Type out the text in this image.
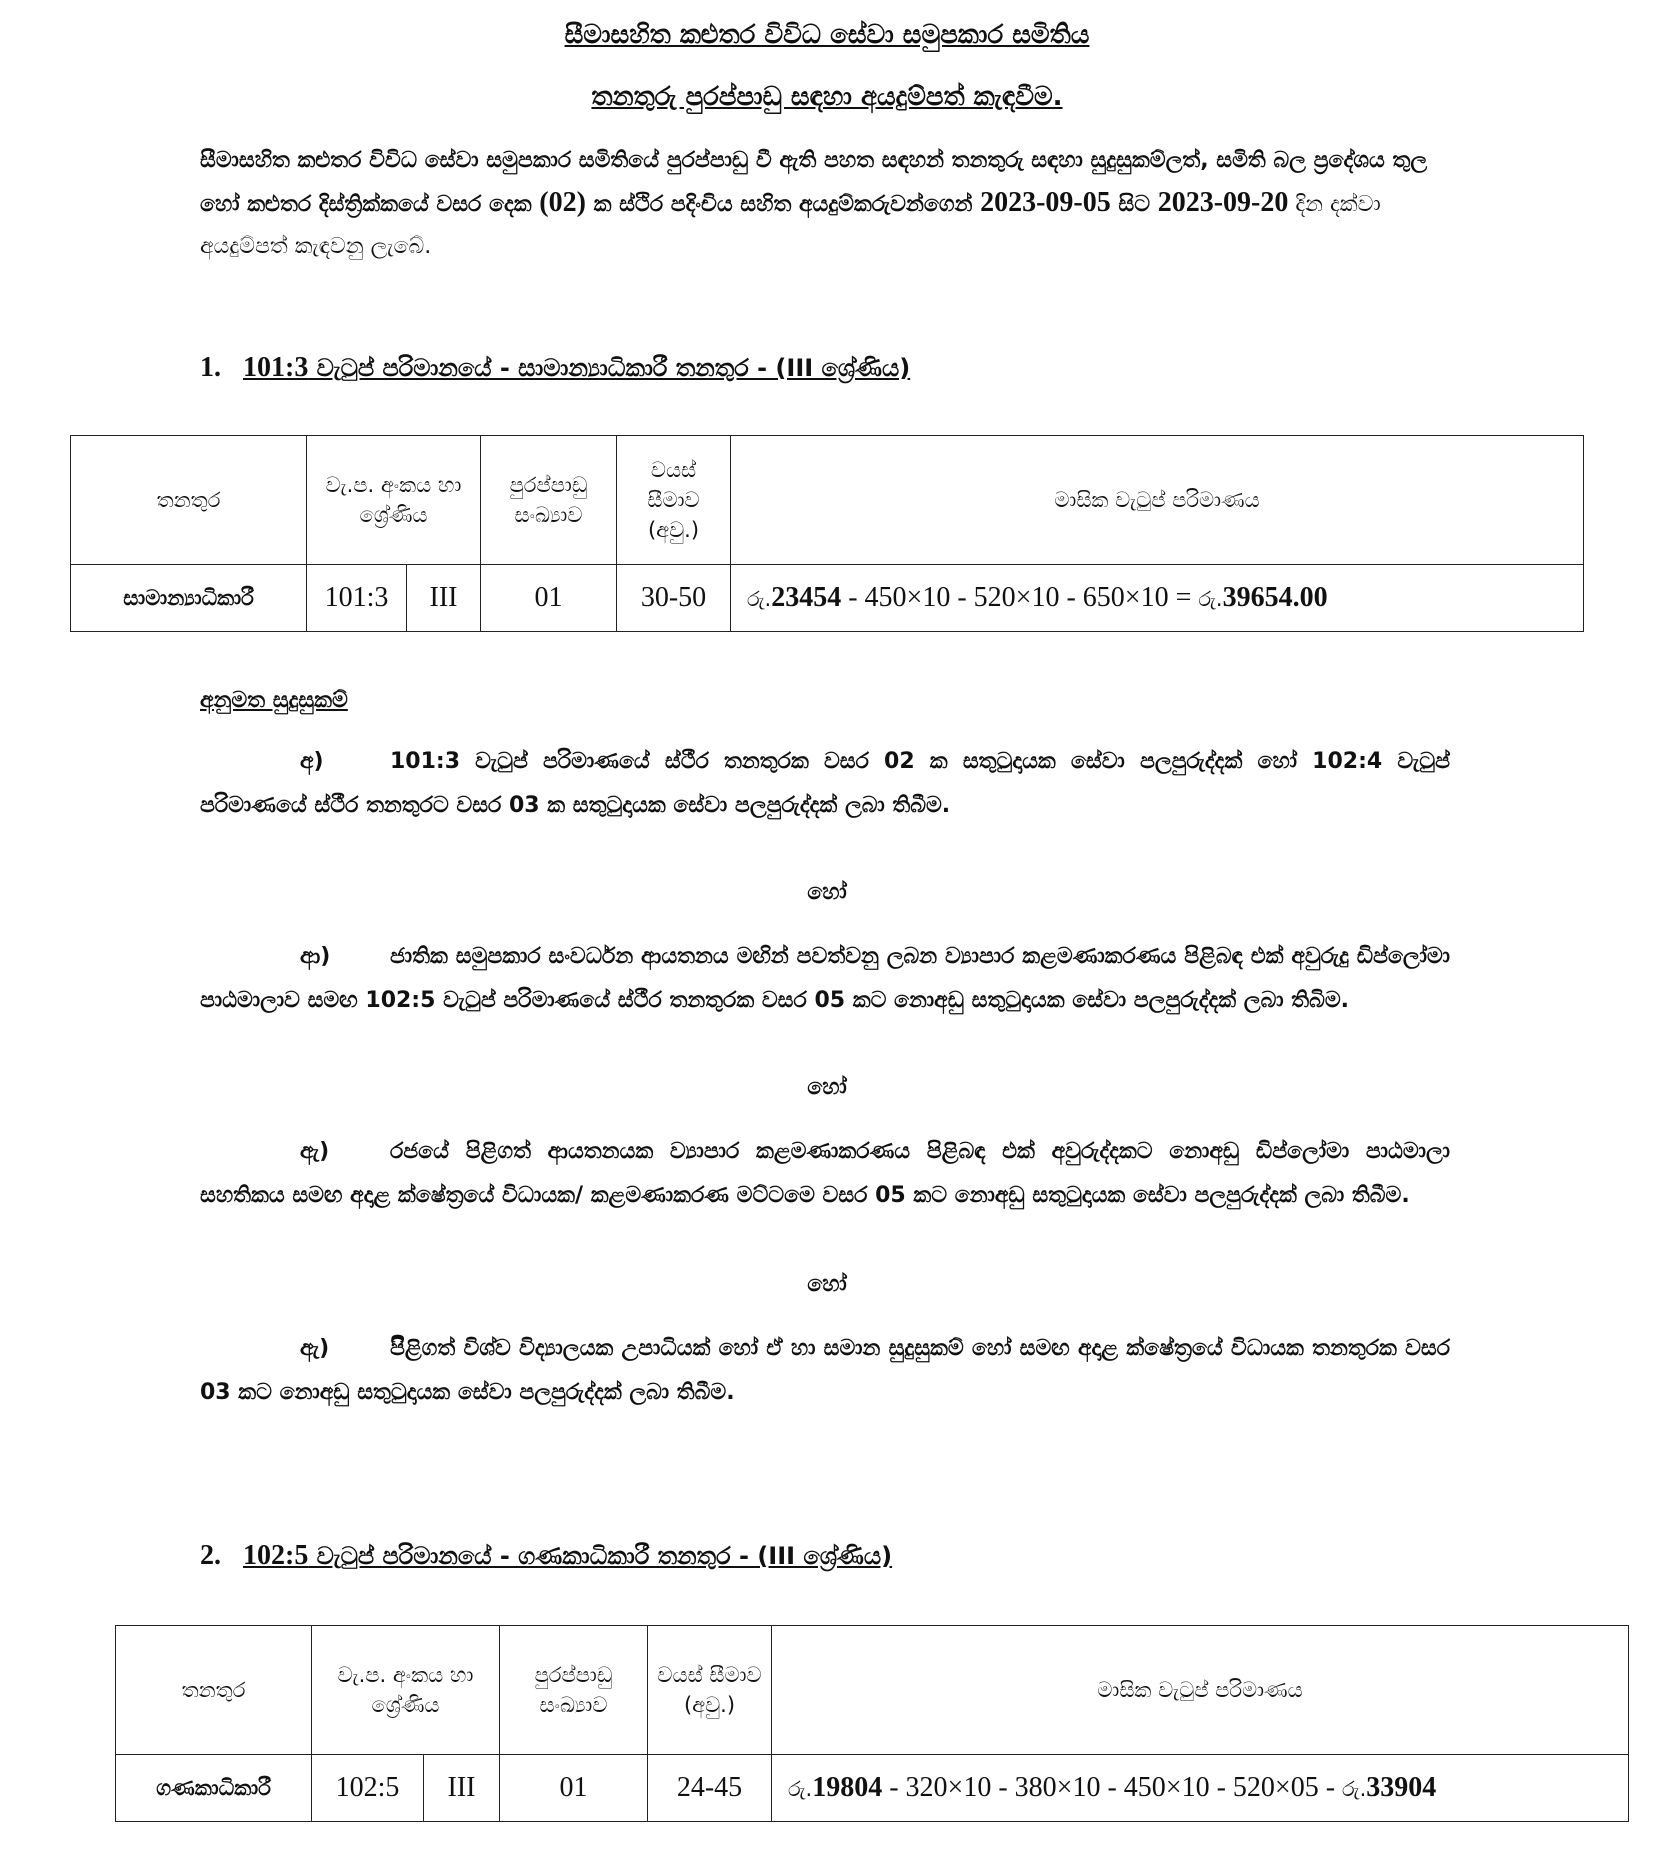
සීමාසහිත කළුතර විවිධ සේවා සමුපකාර සමිතිය
තනතුරු පුරප්පාඩු සඳහා අයදුම්පත් කැඳවීම.
සීමාසහිත කළුතර විවිධ සේවා සමුපකාර සමිතියේ පුරප්පාඩු වී ඇති පහත සඳහන් තනතුරු සඳහා සුදුසුකම්ලත්, සමිති බල ප්‍රදේශය තුල හෝ කළුතර දිස්ත්‍රික්කයේ වසර දෙක (02) ක ස්ථිර පදිංචිය සහිත අයදුම්කරුවන්ගෙන් 2023-09-05 සිට 2023-09-20 දින දක්වා අයදුම්පත් කැඳවනු ලැබේ.
1. 101:3 වැටුප් පරිමානයේ - සාමාන්‍යාධිකාරී තනතුර - (III ශ්‍රේණිය)
තනතුර	වැ.ප. අංකය හා ශ්‍රේණිය		පුරප්පාඩු සංඛ්‍යාව	වයස් සීමාව (අවු.)	මාසික වැටුප් පරිමාණය
සාමාන්‍යාධිකාරී	101:3	III	01	30-50	රු.23454 - 450×10 - 520×10 - 650×10 = රු.39654.00
අනුමත සුදුසුකම්
අ)	101:3 වැටුප් පරිමාණයේ ස්ථීර තනතුරක වසර 02 ක සතුටුදායක සේවා පලපුරුද්දක් හෝ 102:4 වැටුප් පරිමාණයේ ස්ථීර තනතුරට වසර 03 ක සතුටුදායක සේවා පලපුරුද්දක් ලබා තිබීම.
හෝ
ආ)	ජාතික සමුපකාර සංවර්ධන ආයතනය මඟින් පවත්වනු ලබන ව්‍යාපාර කළමණාකරණය පිළිබඳ එක් අවුරුදු ඩිප්ලෝමා පාඨමාලාව සමඟ 102:5 වැටුප් පරිමාණයේ ස්ථීර තනතුරක වසර 05 කට නොඅඩු සතුටුදායක සේවා පලපුරුද්දක් ලබා තිබිම.
හෝ
ඇ)	රජයේ පිළිගත් ආයතනයක ව්‍යාපාර කළමණාකරණය පිළිබඳ එක් අවුරුද්දකට නොඅඩු ඩිප්ලෝමා පාඨමාලා සහතිකය සමඟ අදාළ ක්ෂේත්‍රයේ විධායක/ කළමණාකරණ මට්ටමෙ වසර 05 කට නොඅඩු සතුටුදායක සේවා පලපුරුද්දක් ලබා තිබීම.
හෝ
ඇ)	පිිළිගත් විශ්ව විද්‍යාලයක උපාධියක් හෝ ඒ හා සමාන සුදුසුකම් හෝ සමඟ අදාළ ක්ෂේත්‍රයේ විධායක තනතුරක වසර 03 කට නොඅඩු සතුටුදායක සේවා පලපුරුද්දක් ලබා තිබීම.
2. 102:5 වැටුප් පරිමානයේ - ගණකාධිකාරී තනතුර - (III ශ්‍රේණිය)
තනතුර	වැ.ප. අංකය හා ශ්‍රේණිය		පුරප්පාඩු සංඛ්‍යාව	වයස් සීමාව (අවු.)	මාසික වැටුප් පරිමාණය
ගණකාධිකාරී	102:5	III	01	24-45	රු.19804 - 320×10 - 380×10 - 450×10 - 520×05 - රු.33904
